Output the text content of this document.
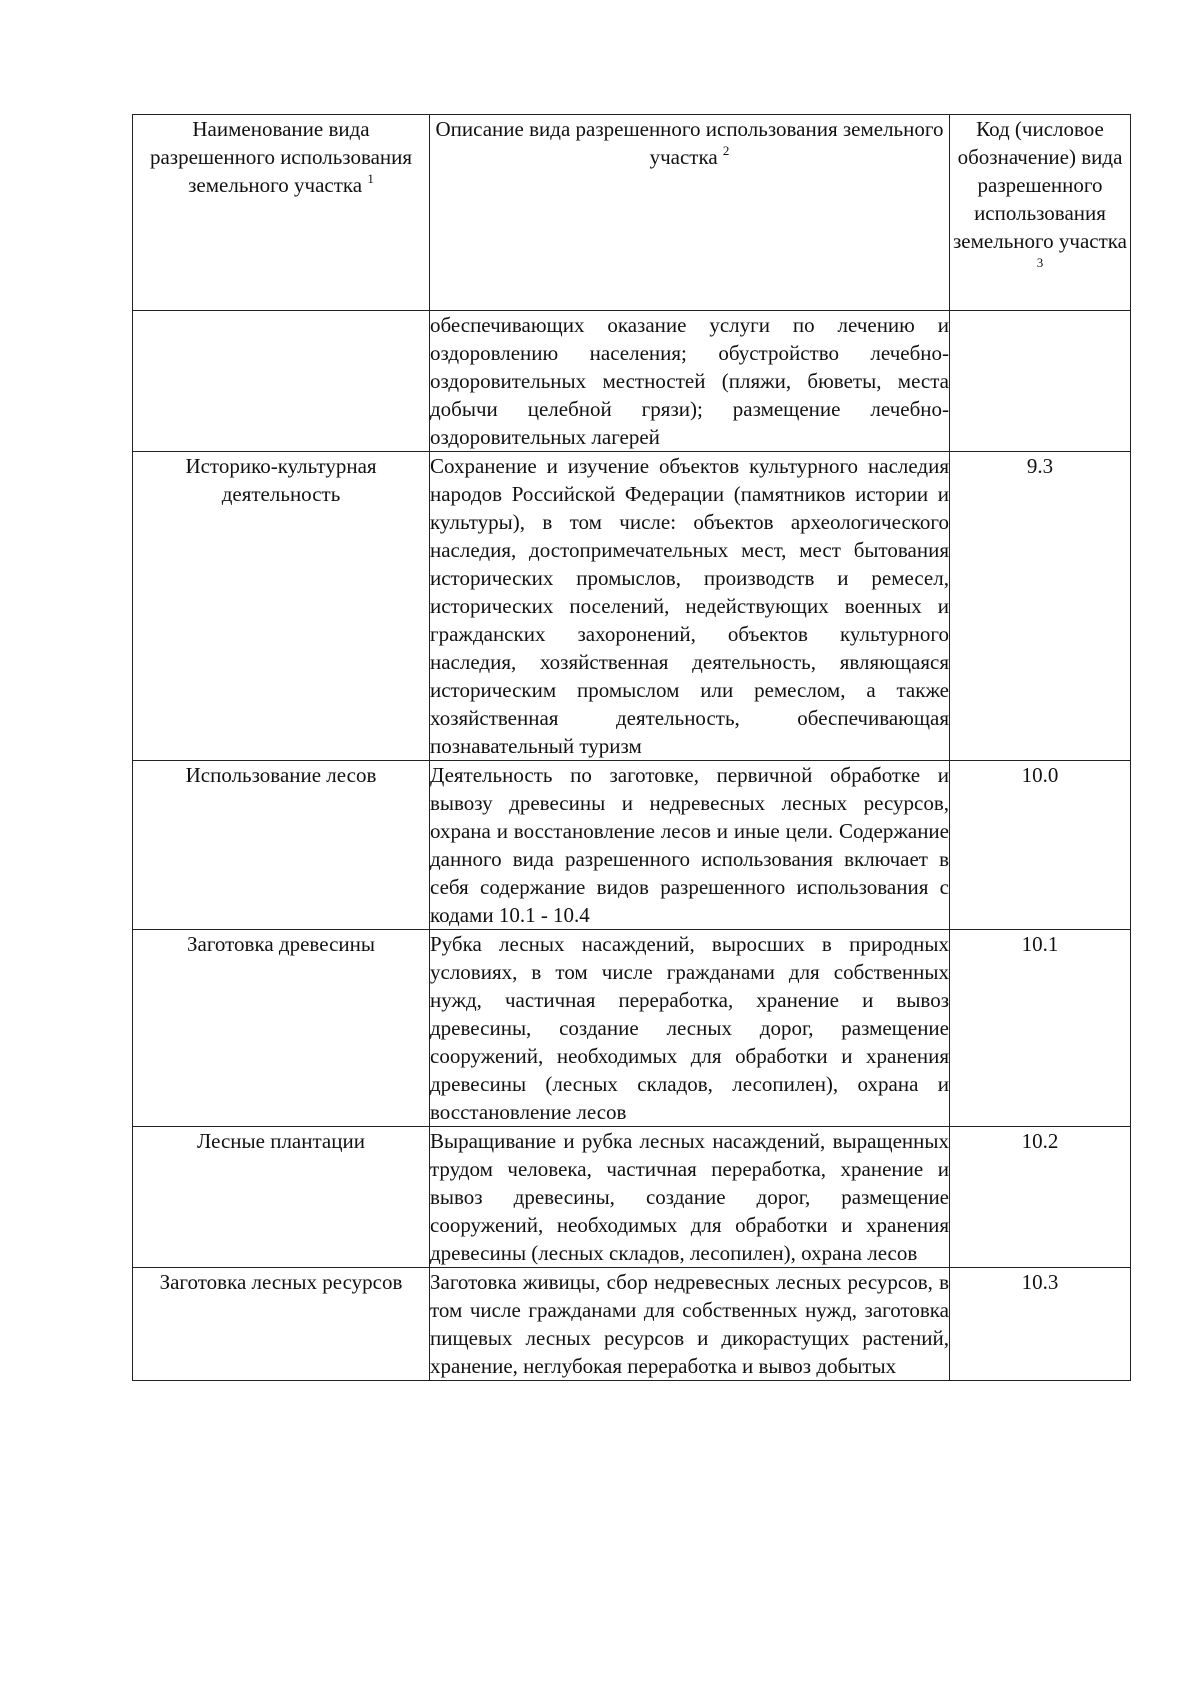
Наименование вида разрешенного использования земельного участка $^1$	Описание вида разрешенного использования земельного участка $^2$	Код (числовое обозначение) вида разрешенного использования земельного участка $^3$
	обеспечивающих оказание услуги по лечению и оздоровлению населения; обустройство лечебно-оздоровительных местностей (пляжи, бюветы, места добычи целебной грязи); размещение лечебно-оздоровительных лагерей	
Историко-культурная деятельность	Сохранение и изучение объектов культурного наследия народов Российской Федерации (памятников истории и культуры), в том числе: объектов археологического наследия, достопримечательных мест, мест бытования исторических промыслов, производств и ремесел, исторических поселений, недействующих военных и гражданских захоронений, объектов культурного наследия, хозяйственная деятельность, являющаяся историческим промыслом или ремеслом, а также хозяйственная деятельность, обеспечивающая познавательный туризм	9.3
Использование лесов	Деятельность по заготовке, первичной обработке и вывозу древесины и недревесных лесных ресурсов, охрана и восстановление лесов и иные цели. Содержание данного вида разрешенного использования включает в себя содержание видов разрешенного использования с кодами 10.1 - 10.4	10.0
Заготовка древесины	Рубка лесных насаждений, выросших в природных условиях, в том числе гражданами для собственных нужд, частичная переработка, хранение и вывоз древесины, создание лесных дорог, размещение сооружений, необходимых для обработки и хранения древесины (лесных складов, лесопилен), охрана и восстановление лесов	10.1
Лесные плантации	Выращивание и рубка лесных насаждений, выращенных трудом человека, частичная переработка, хранение и вывоз древесины, создание дорог, размещение сооружений, необходимых для обработки и хранения древесины (лесных складов, лесопилен), охрана лесов	10.2
Заготовка лесных ресурсов	Заготовка живицы, сбор недревесных лесных ресурсов, в том числе гражданами для собственных нужд, заготовка пищевых лесных ресурсов и дикорастущих растений, хранение, неглубокая переработка и вывоз добытых	10.3
